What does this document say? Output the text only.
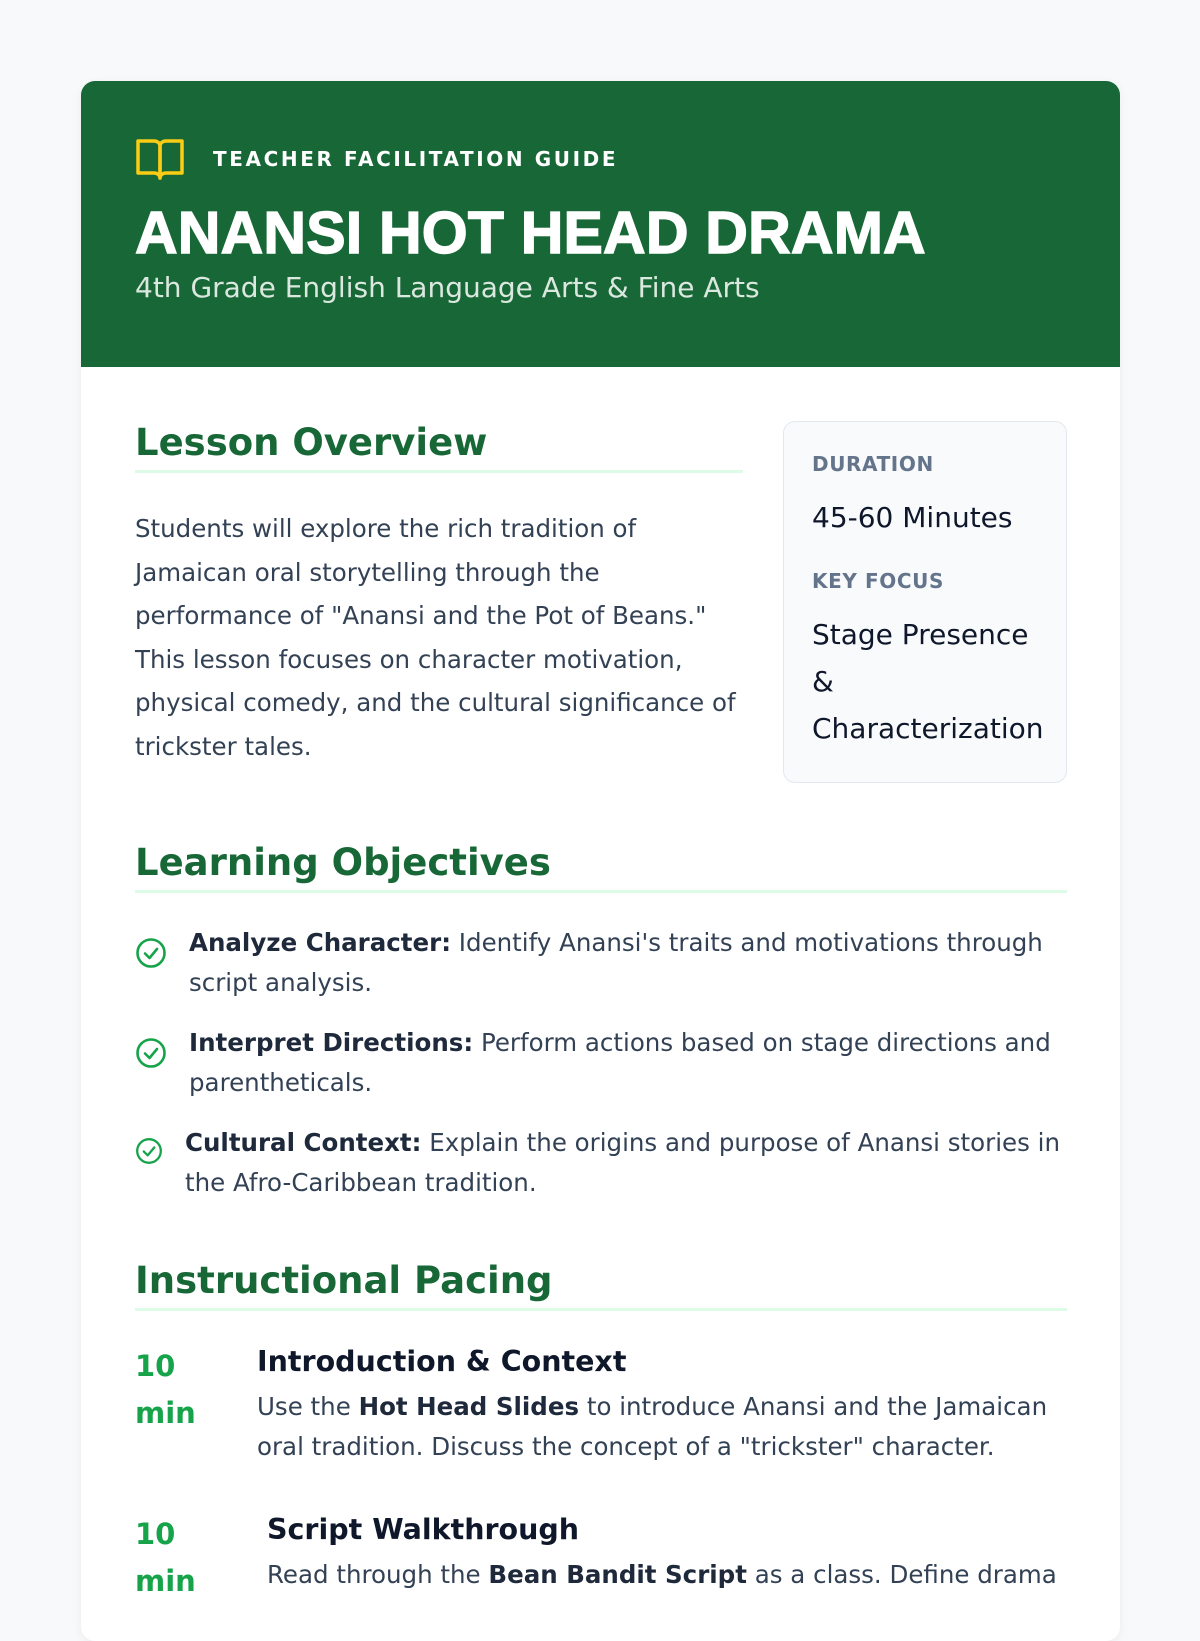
TEACHER FACILITATION GUIDE
ANANSI HOT HEAD DRAMA
4th Grade English Language Arts & Fine Arts
Lesson Overview

Students will explore the rich tradition of Jamaican oral storytelling through the performance of "Anansi and the Pot of Beans." This lesson focuses on character motivation, physical comedy, and the cultural significance of trickster tales.

DURATION
45-60 Minutes
KEY FOCUS
Stage Presence
&
Characterization
Learning Objectives
Analyze Character: Identify Anansi's traits and motivations through script analysis.
Interpret Directions: Perform actions based on stage directions and parentheticals.
Cultural Context: Explain the origins and purpose of Anansi stories in the Afro-Caribbean tradition.
Instructional Pacing
10
min
Introduction & Context
Use the Hot Head Slides to introduce Anansi and the Jamaican oral tradition. Discuss the concept of a "trickster" character.
10
min
Script Walkthrough
Read through the Bean Bandit Script as a class. Define drama
